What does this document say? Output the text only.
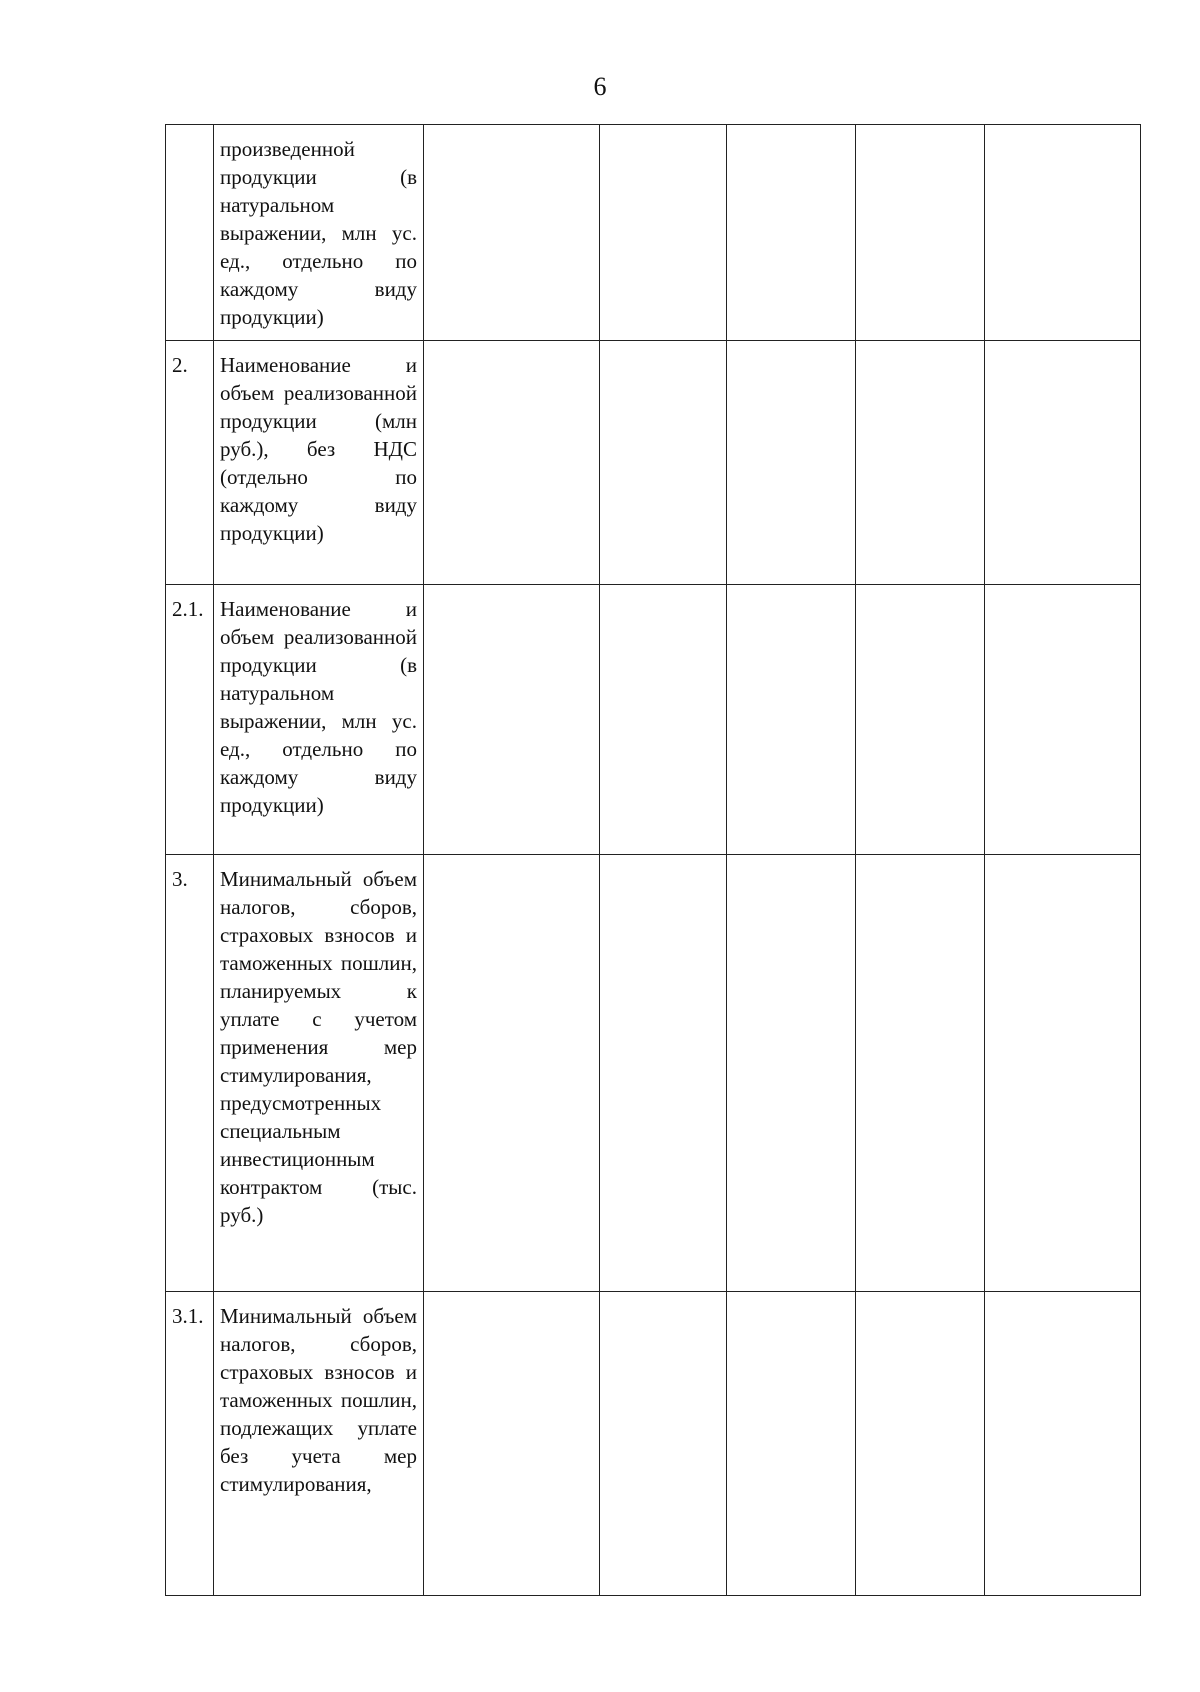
6

	произведенной продукции (в натуральном выражении, млн ус. ед., отдельно по каждому виду продукции)					

2.	Наименование и объем реализованной продукции (млн руб.), без НДС (отдельно по каждому виду продукции)					

2.1.	Наименование и объем реализованной продукции (в натуральном выражении, млн ус. ед., отдельно по каждому виду продукции)					

3.	Минимальный объем налогов, сборов, страховых взносов и таможенных пошлин, планируемых к уплате с учетом применения мер стимулирования, предусмотренных специальным инвестиционным контрактом (тыс. руб.)					

3.1.	Минимальный объем налогов, сборов, страховых взносов и таможенных пошлин, подлежащих уплате без учета мер стимулирования,					
